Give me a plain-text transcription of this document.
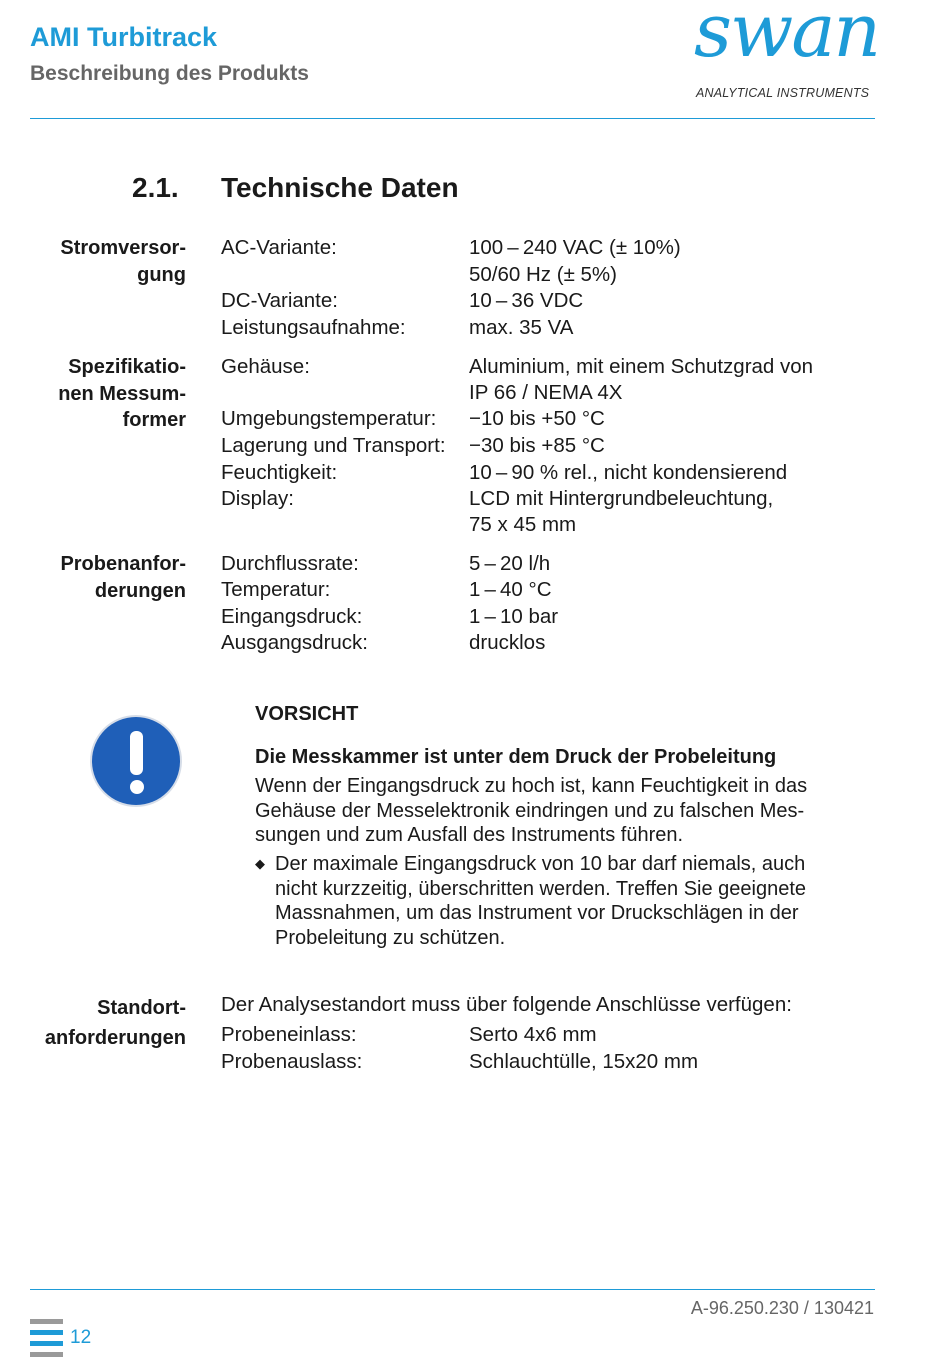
AMI Turbitrack
Beschreibung des Produkts	swan
ANALYTICAL INSTRUMENTS
2.1. Technische Daten
Stromversor-
gung
AC-Variante:	100 – 240 VAC (± 10%)
50/60 Hz (± 5%)
DC-Variante:	10 – 36 VDC
Leistungsaufnahme:	max. 35 VA
Spezifikatio-
nen Messum-
former
Gehäuse:	Aluminium, mit einem Schutzgrad von
IP 66 / NEMA 4X
Umgebungstemperatur: −10 bis +50 °C
Lagerung und Transport: −30 bis +85 °C
Feuchtigkeit:	10 – 90 % rel., nicht kondensierend
Display:	LCD mit Hintergrundbeleuchtung,
75 x 45 mm
Probenanfor-
derungen
Durchflussrate:	5 – 20 l/h
Temperatur:	1 – 40 °C
Eingangsdruck:	1 – 10 bar
Ausgangsdruck:	drucklos
VORSICHT
Die Messkammer ist unter dem Druck der Probeleitung
Wenn der Eingangsdruck zu hoch ist, kann Feuchtigkeit in das
Gehäuse der Messelektronik eindringen und zu falschen Mes-
sungen und zum Ausfall des Instruments führen.
◆ Der maximale Eingangsdruck von 10 bar darf niemals, auch
nicht kurzzeitig, überschritten werden. Treffen Sie geeignete
Massnahmen, um das Instrument vor Druckschlägen in der
Probeleitung zu schützen.
Standort-
anforderungen
Der Analysestandort muss über folgende Anschlüsse verfügen:
Probeneinlass:	Serto 4x6 mm
Probenauslass:	Schlauchtülle, 15x20 mm
A-96.250.230 / 130421
12
